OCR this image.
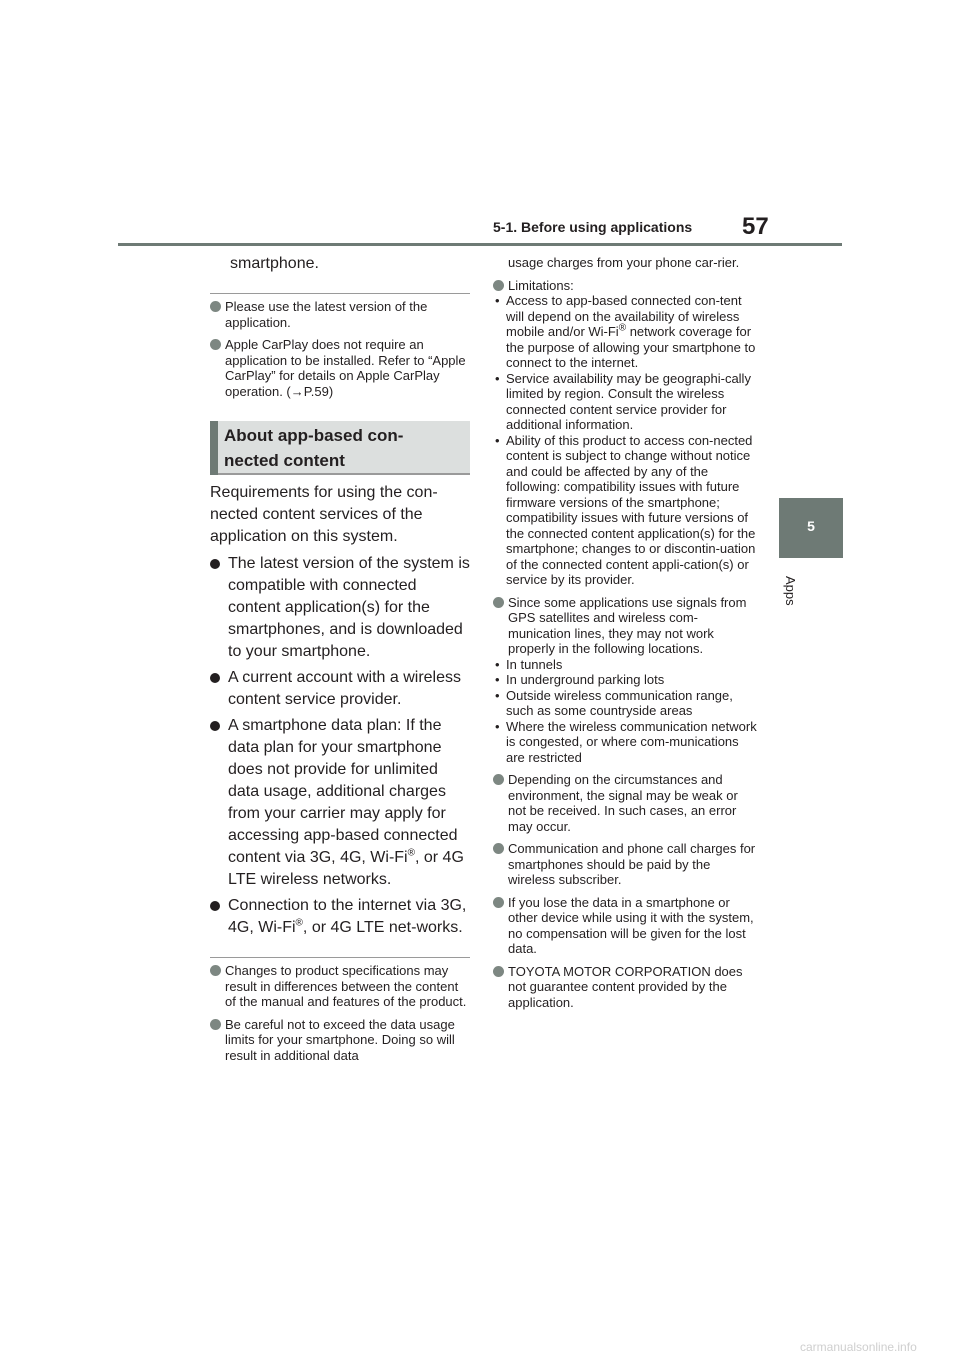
5-1. Before using applications 57
5
Apps
smartphone.
Please use the latest version of the application.
Apple CarPlay does not require an application to be installed. Refer to “Apple CarPlay” for details on Apple CarPlay operation. (→P.59)
About app-based con-
nected content
Requirements for using the con-nected content services of the application on this system.
The latest version of the system is compatible with connected content application(s) for the smartphones, and is downloaded to your smartphone.
A current account with a wireless content service provider.
A smartphone data plan: If the data plan for your smartphone does not provide for unlimited data usage, additional charges from your carrier may apply for accessing app-based connected content via 3G, 4G, Wi-Fi®, or 4G LTE wireless networks.
Connection to the internet via 3G, 4G, Wi-Fi®, or 4G LTE net-works.
Changes to product specifications may result in differences between the content of the manual and features of the product.
Be careful not to exceed the data usage limits for your smartphone. Doing so will result in additional data
usage charges from your phone car-rier.
Limitations:
• Access to app-based connected con-tent will depend on the availability of wireless mobile and/or Wi-Fi® network coverage for the purpose of allowing your smartphone to connect to the internet.
• Service availability may be geographi-cally limited by region. Consult the wireless connected content service provider for additional information.
• Ability of this product to access con-nected content is subject to change without notice and could be affected by any of the following: compatibility issues with future firmware versions of the smartphone; compatibility issues with future versions of the connected content application(s) for the smartphone; changes to or discontin-uation of the connected content appli-cation(s) or service by its provider.
Since some applications use signals from GPS satellites and wireless com-munication lines, they may not work properly in the following locations.
• In tunnels
• In underground parking lots
• Outside wireless communication range, such as some countryside areas
• Where the wireless communication network is congested, or where com-munications are restricted
Depending on the circumstances and environment, the signal may be weak or not be received. In such cases, an error may occur.
Communication and phone call charges for smartphones should be paid by the wireless subscriber.
If you lose the data in a smartphone or other device while using it with the system, no compensation will be given for the lost data.
TOYOTA MOTOR CORPORATION does not guarantee content provided by the application.
carmanualsonline.info
